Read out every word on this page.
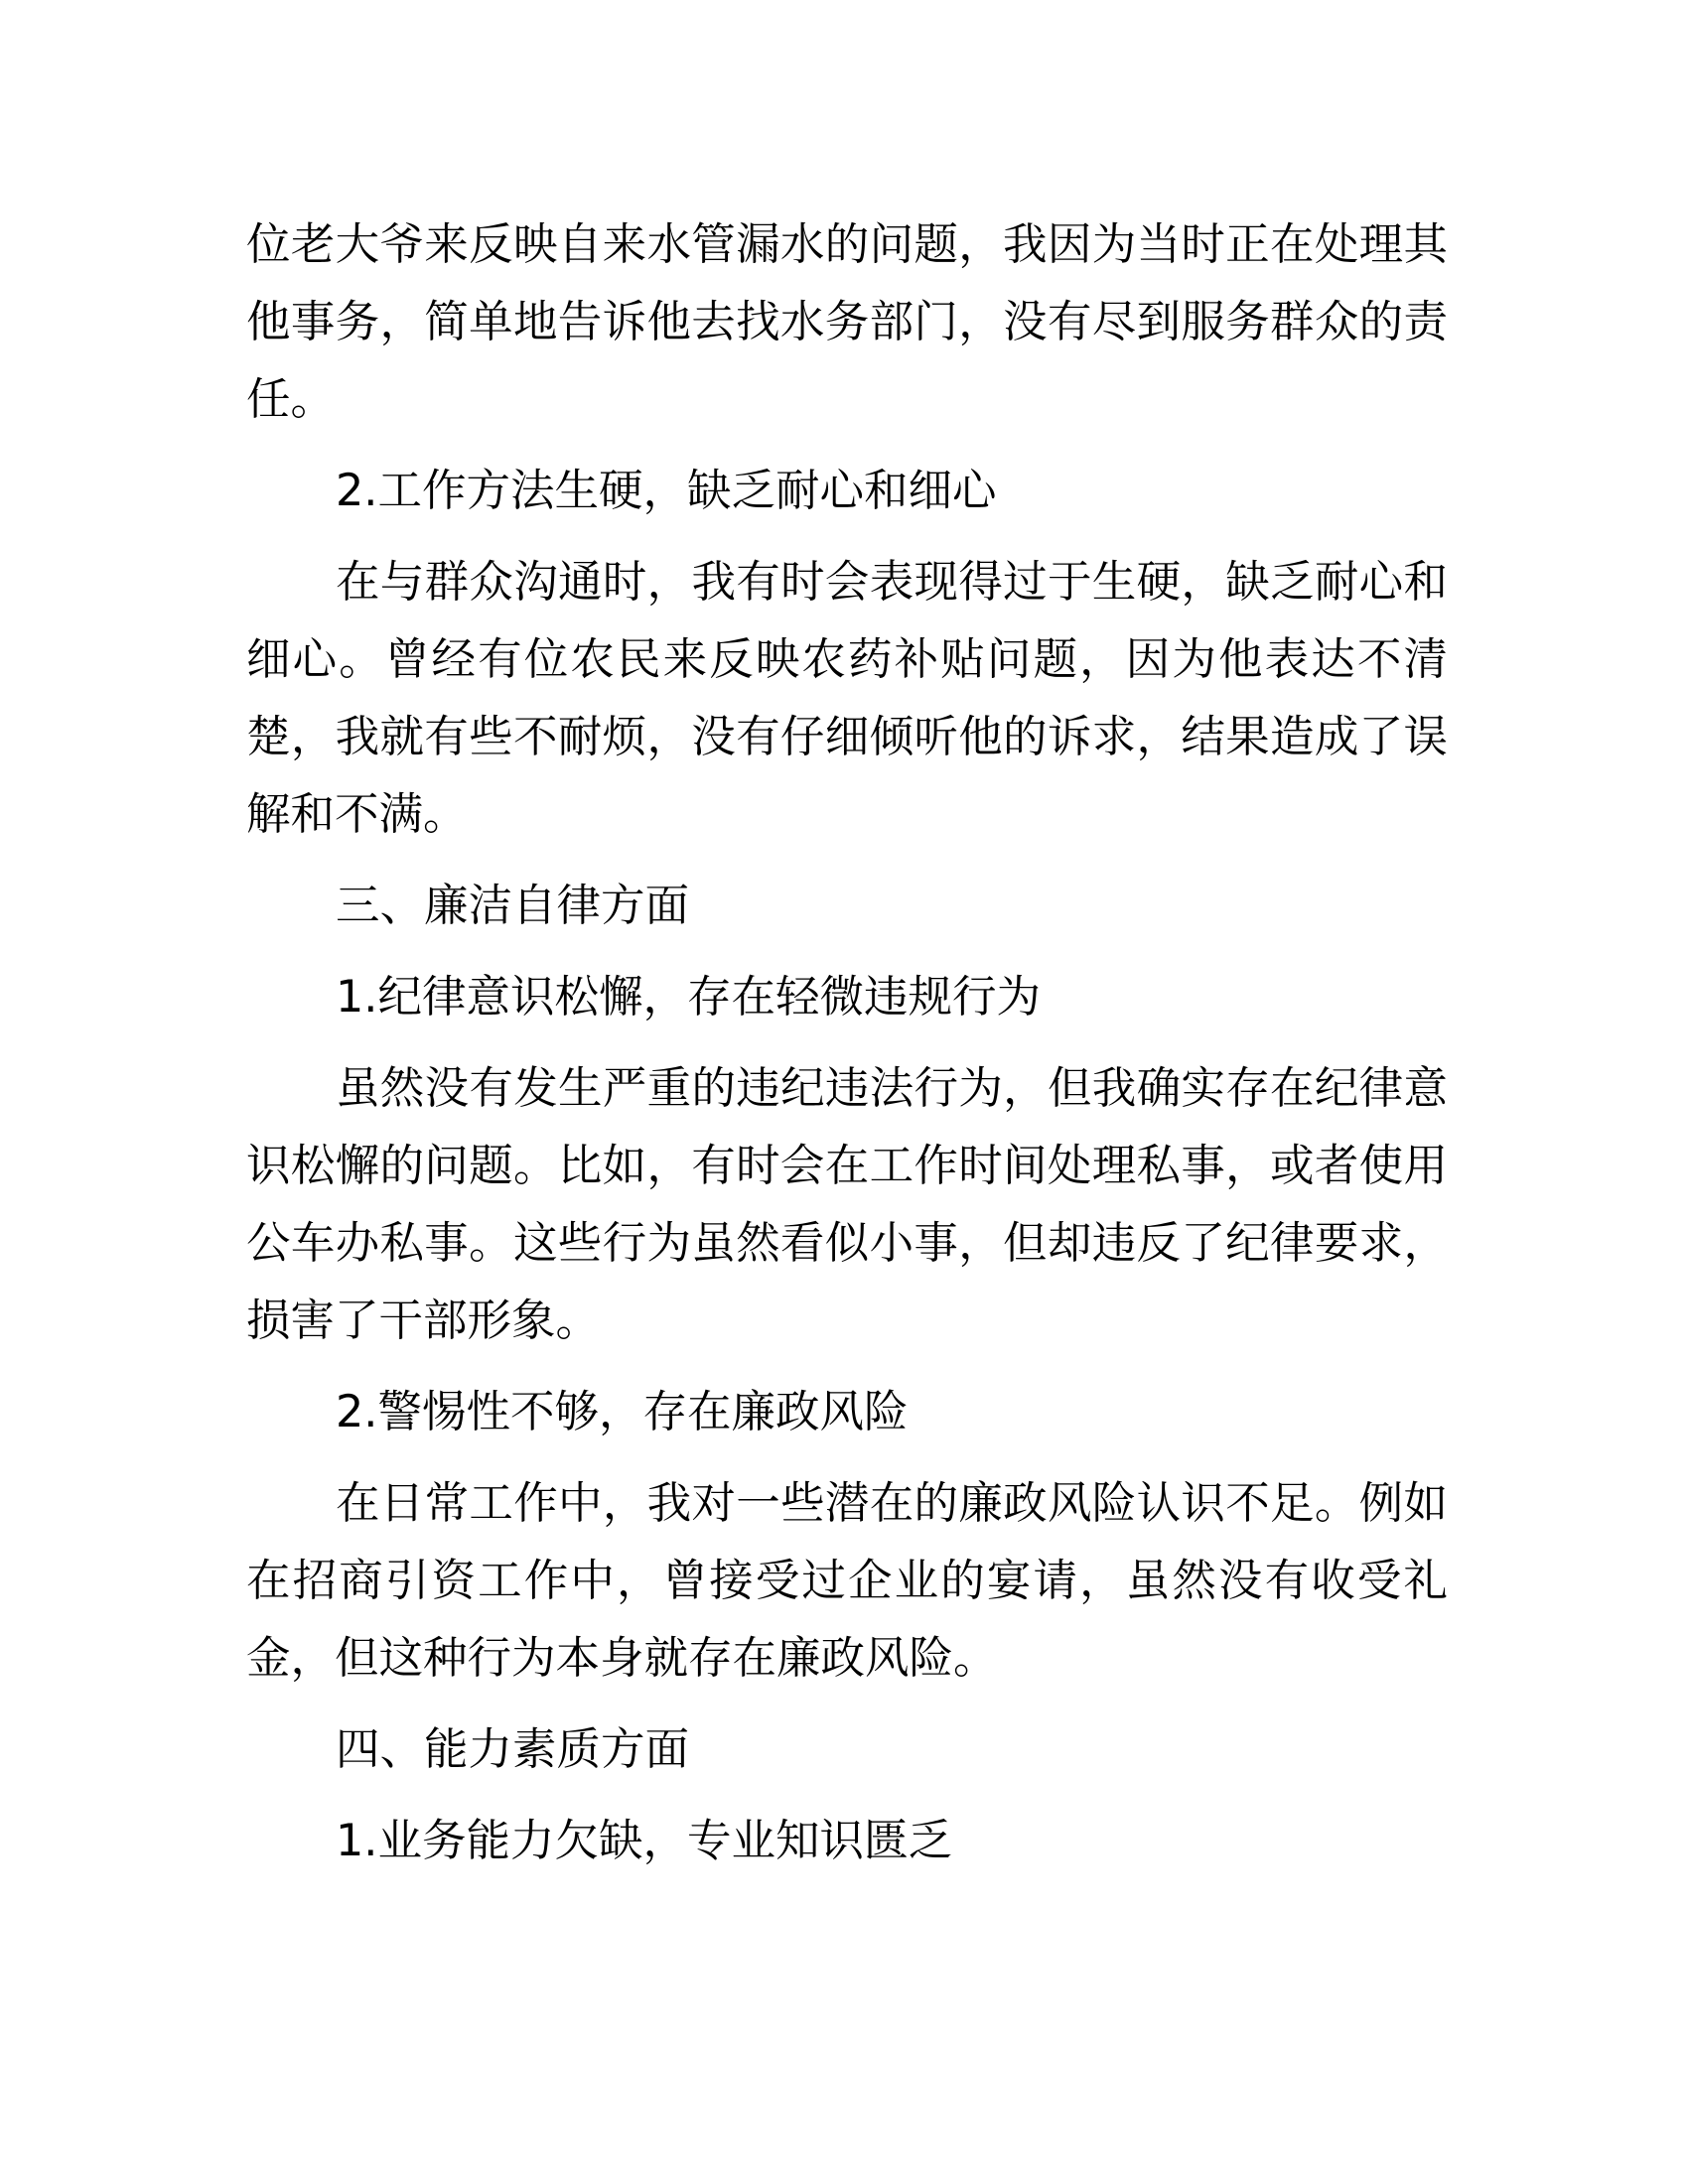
位老大爷来反映自来水管漏水的问题，我因为当时正在处理其他事务，简单地告诉他去找水务部门，没有尽到服务群众的责任。

2.工作方法生硬，缺乏耐心和细心

在与群众沟通时，我有时会表现得过于生硬，缺乏耐心和细心。曾经有位农民来反映农药补贴问题，因为他表达不清楚，我就有些不耐烦，没有仔细倾听他的诉求，结果造成了误解和不满。

三、廉洁自律方面

1.纪律意识松懈，存在轻微违规行为

虽然没有发生严重的违纪违法行为，但我确实存在纪律意识松懈的问题。比如，有时会在工作时间处理私事，或者使用公车办私事。这些行为虽然看似小事，但却违反了纪律要求，损害了干部形象。

2.警惕性不够，存在廉政风险

在日常工作中，我对一些潜在的廉政风险认识不足。例如在招商引资工作中，曾接受过企业的宴请，虽然没有收受礼金，但这种行为本身就存在廉政风险。

四、能力素质方面

1.业务能力欠缺，专业知识匮乏
